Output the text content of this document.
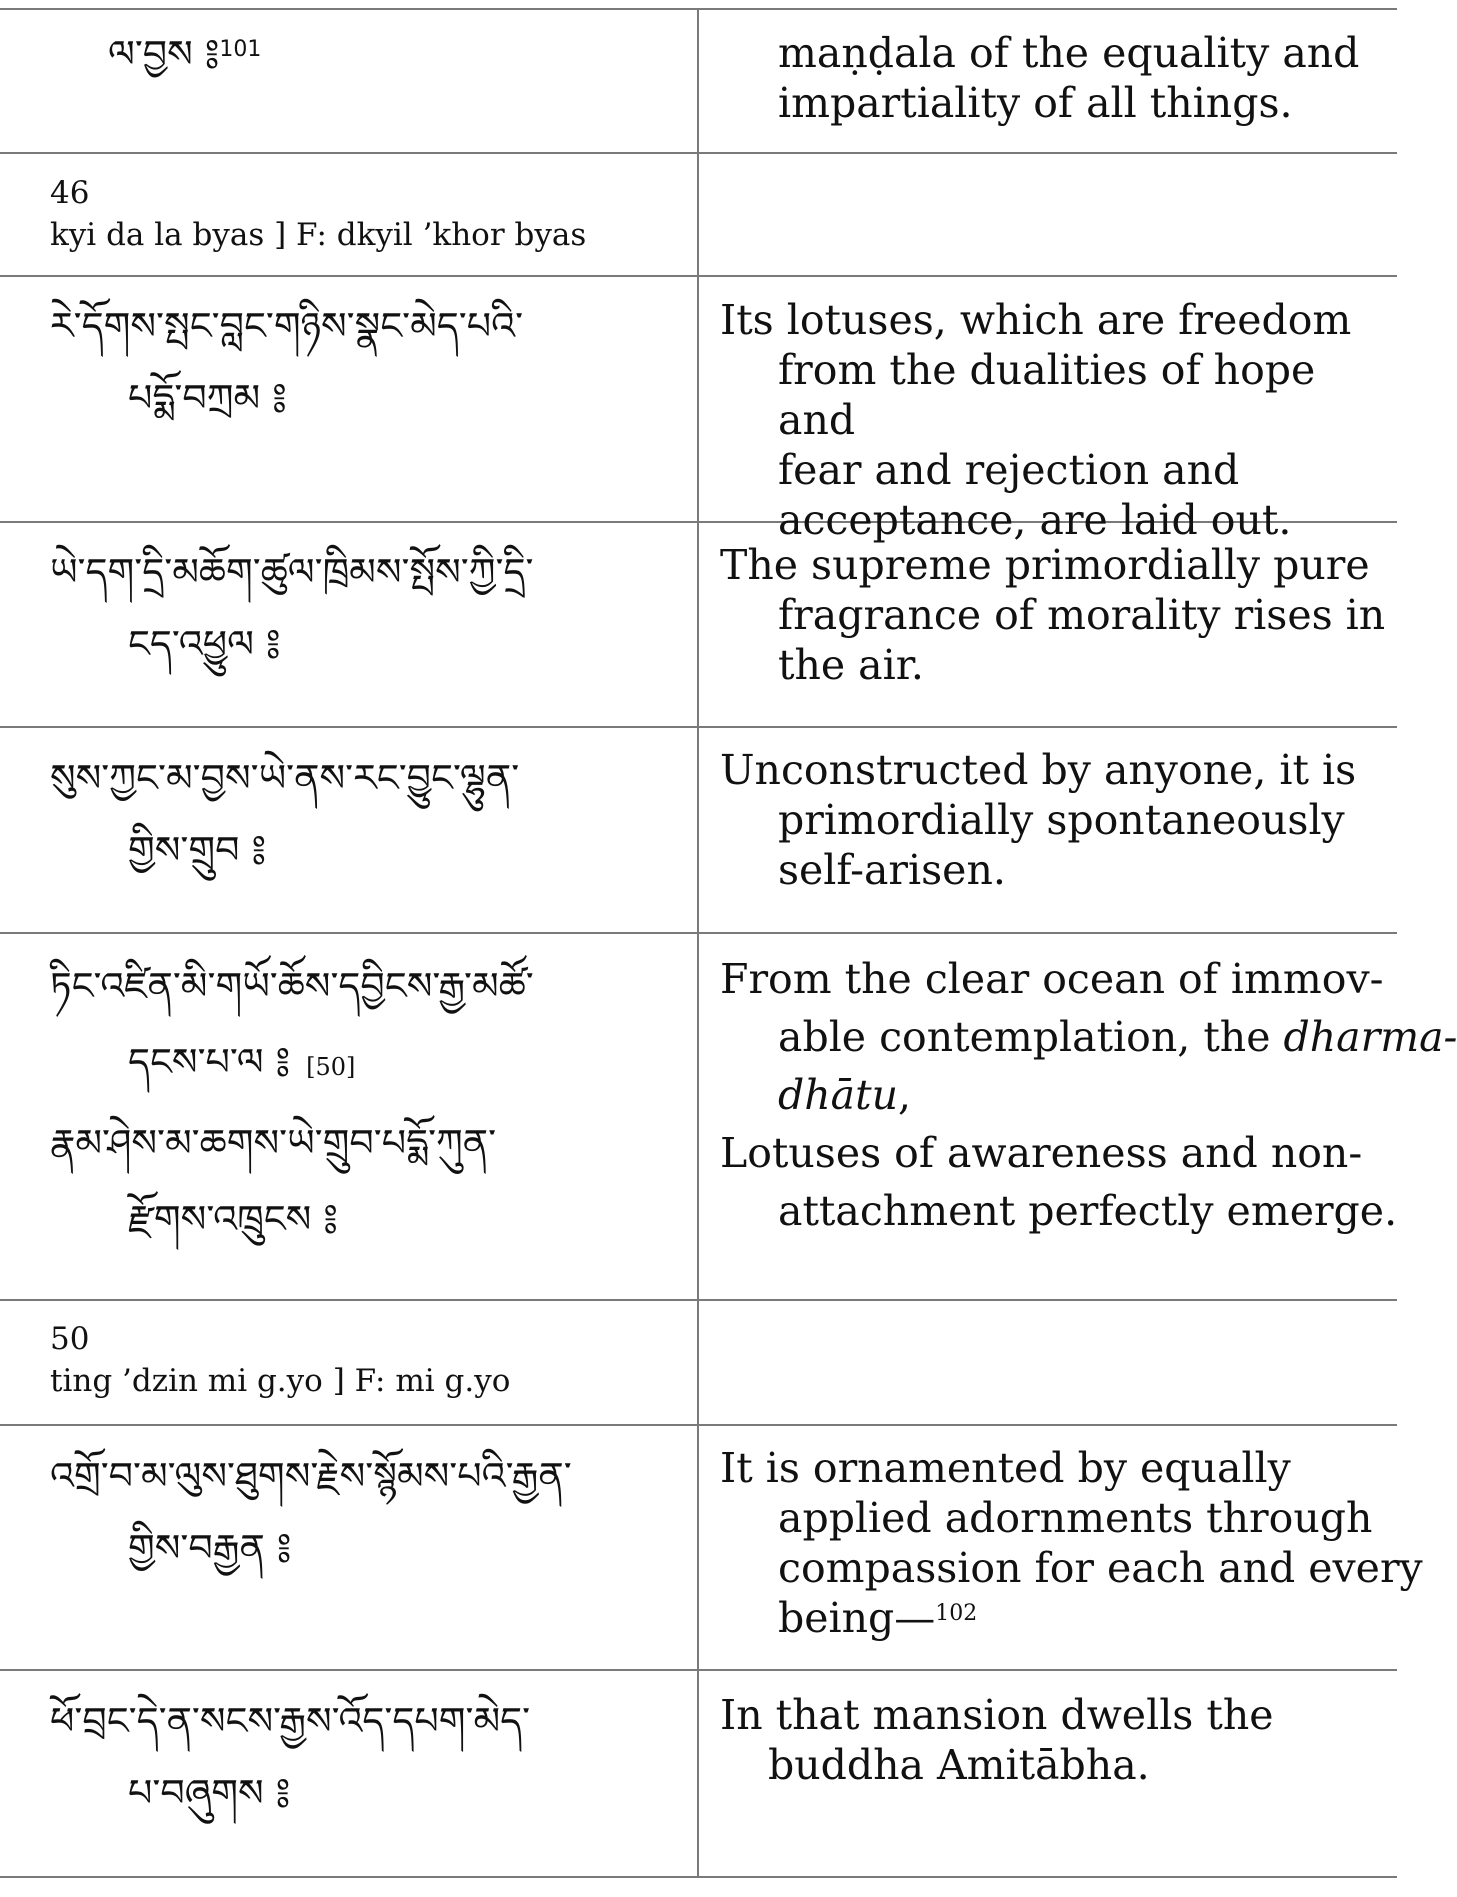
ལ་བྱས ༔$^{101}$	maṇḍala of the equality and
impartiality of all things.
46
kyi da la byas ] F: dkyil ’khor byas
རེ་དོགས་སྤང་བླང་གཉིས་སྣང་མེད་པའི་
པདྨོ་བཀྲམ ༔
Its lotuses, which are freedom
from the dualities of hope and
fear and rejection and
acceptance, are laid out.
ཡེ་དག་དྲི་མཆོག་ཚུལ་ཁྲིམས་སྤོས་ཀྱི་དྲི་
ངད་འཕྱུལ ༔
The supreme primordially pure
fragrance of morality rises in
the air.
སུས་ཀྱང་མ་བྱས་ཡེ་ནས་རང་བྱུང་ལྷུན་
གྱིས་གྲུབ ༔
Unconstructed by anyone, it is
primordially spontaneously
self-arisen.
ཏིང་འཛིན་མི་གཡོ་ཆོས་དབྱིངས་རྒྱ་མཚོ་
དངས་པ་ལ ༔ [50]
རྣམ་ཤེས་མ་ཆགས་ཡེ་གྲུབ་པདྨོ་ཀུན་
རྫོགས་འཁྲུངས ༔
From the clear ocean of immov-
able contemplation, the dharma-
dhātu,
Lotuses of awareness and non-
attachment perfectly emerge.
50
ting ’dzin mi g.yo ] F: mi g.yo
འགྲོ་བ་མ་ལུས་ཐུགས་རྗེས་སྙོམས་པའི་རྒྱན་
གྱིས་བརྒྱན ༔
It is ornamented by equally
applied adornments through
compassion for each and every
being—$^{102}$
ཕོ་བྲང་དེ་ན་སངས་རྒྱས་འོད་དཔག་མེད་
པ་བཞུགས ༔
In that mansion dwells the
buddha Amitābha.
